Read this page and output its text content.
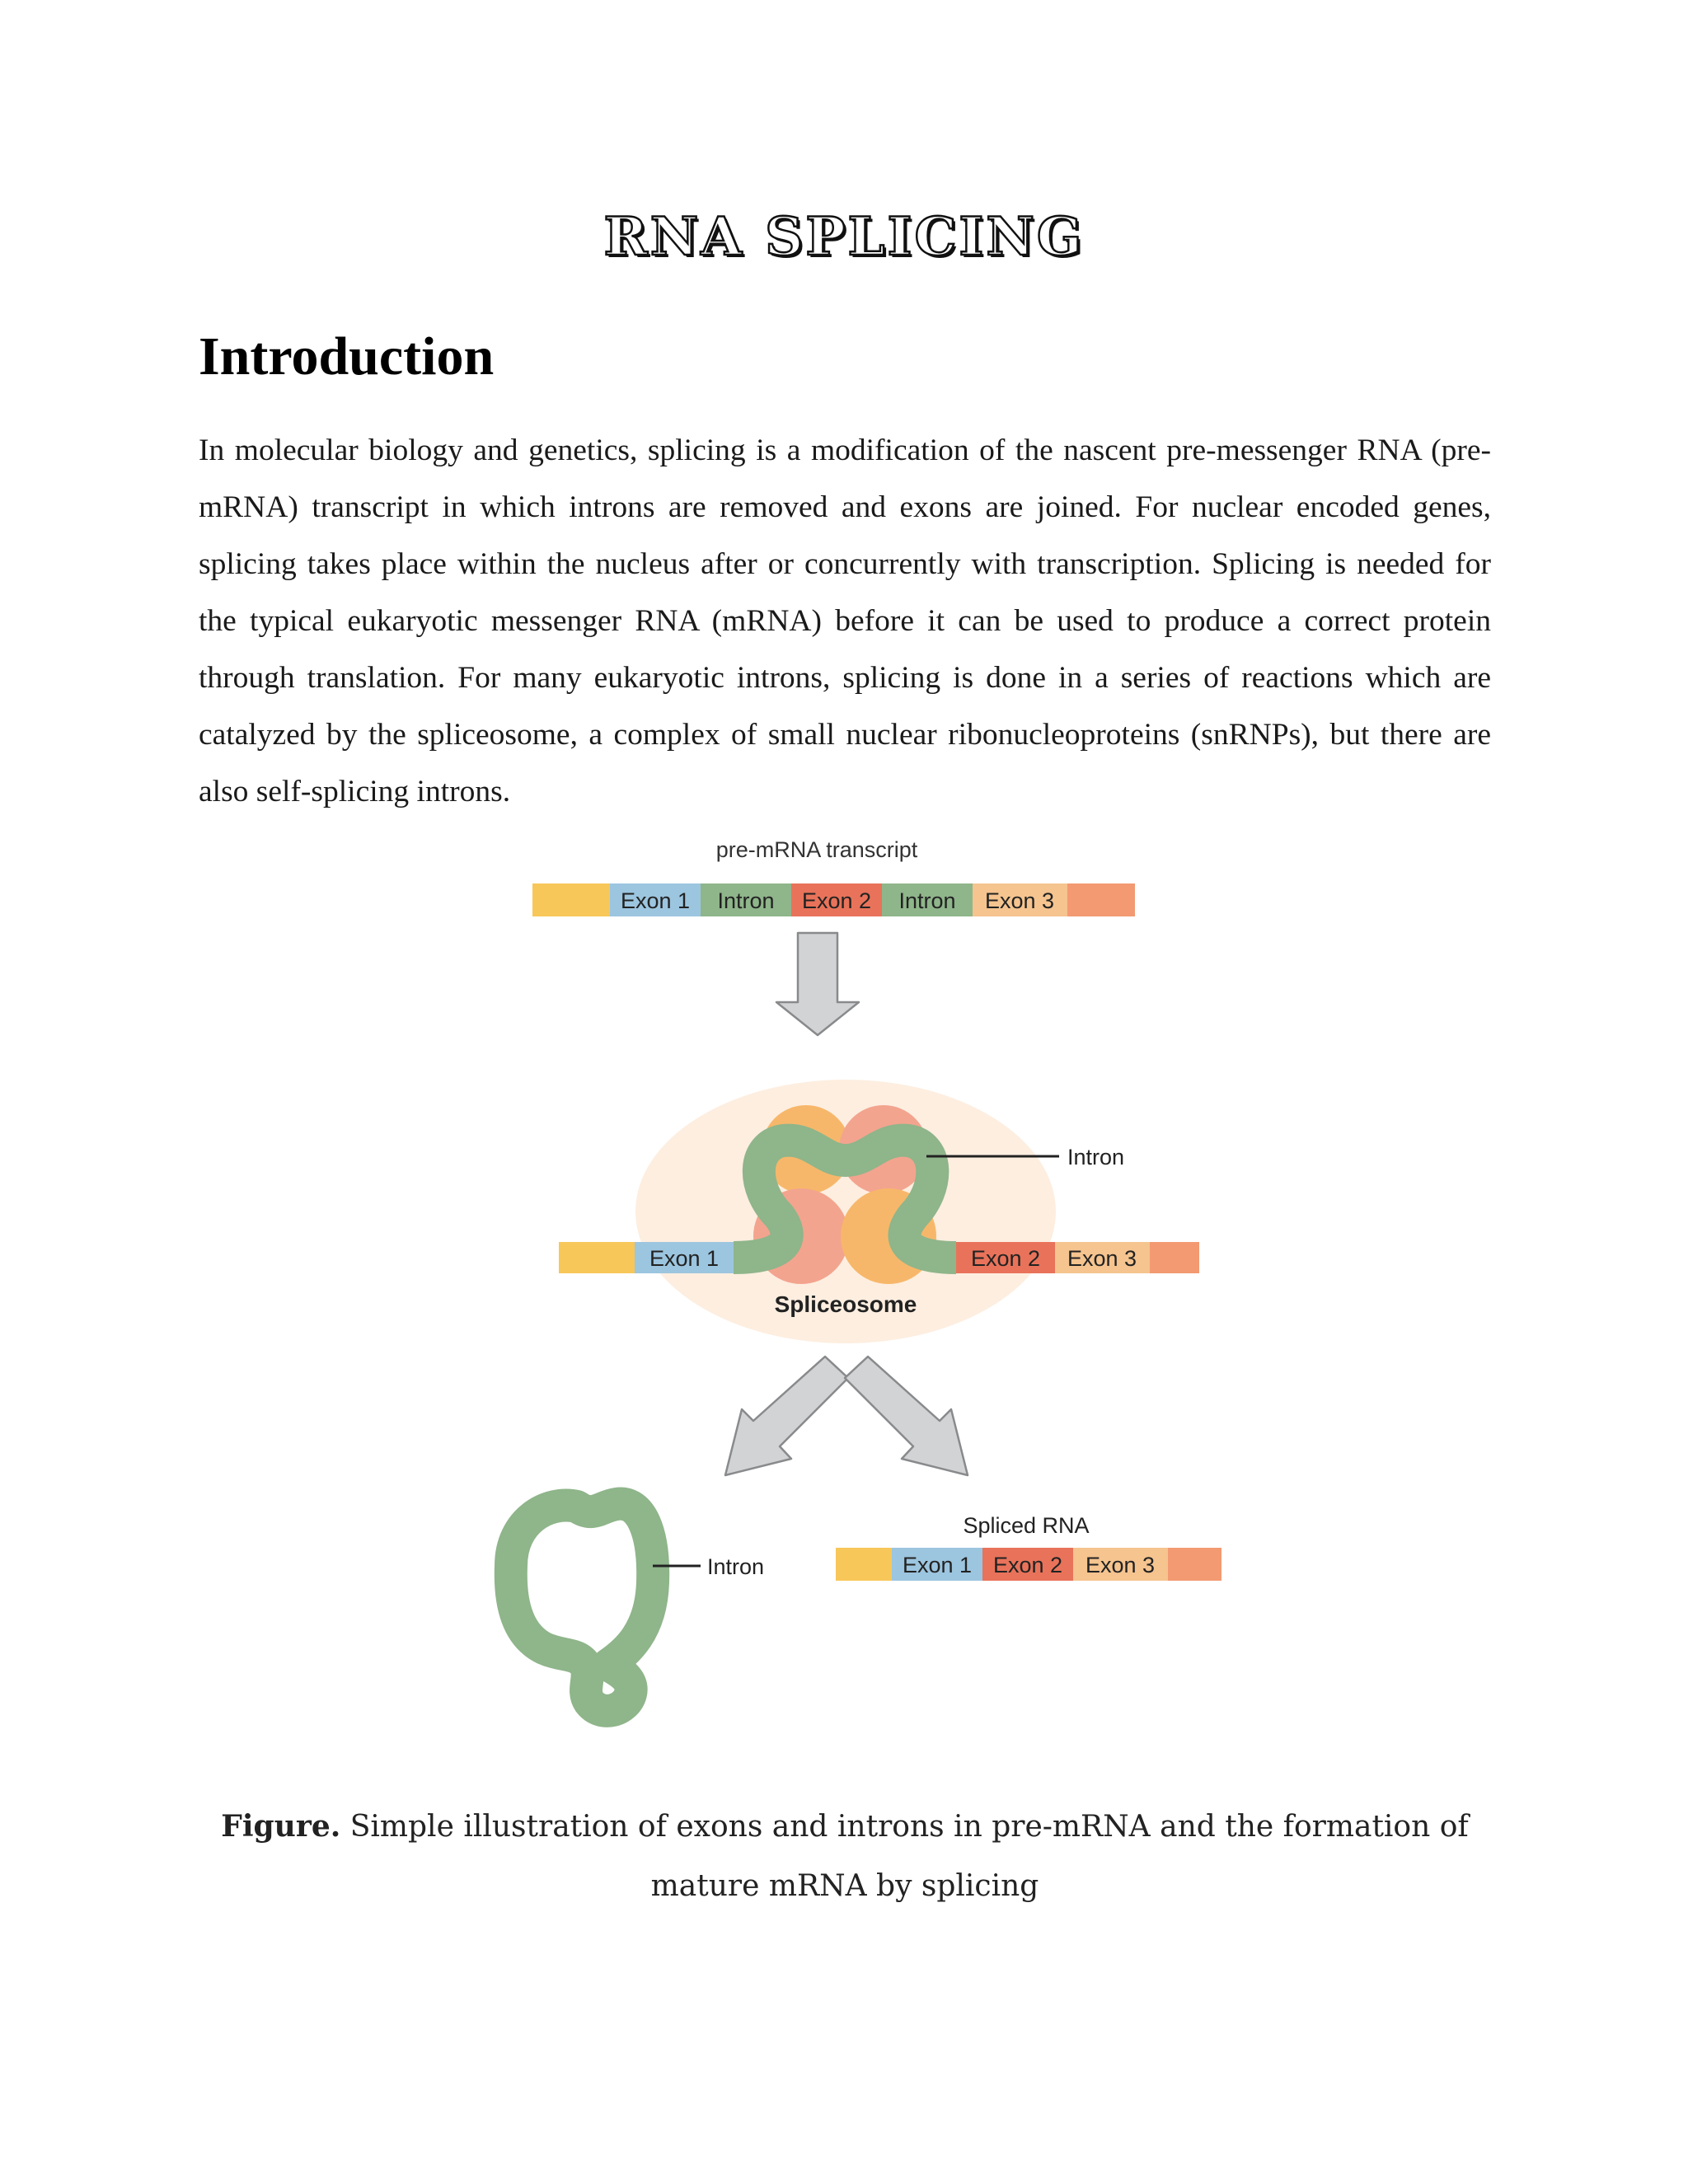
RNA SPLICING
Introduction
In molecular biology and genetics, splicing is a modification of the nascent pre-messenger RNA (pre-mRNA) transcript in which introns are removed and exons are joined. For nuclear encoded genes, splicing takes place within the nucleus after or concurrently with transcription. Splicing is needed for the typical eukaryotic messenger RNA (mRNA) before it can be used to produce a correct protein through translation. For many eukaryotic introns, splicing is done in a series of reactions which are catalyzed by the spliceosome, a complex of small nuclear ribonucleoproteins (snRNPs), but there are also self-splicing introns.
pre-mRNA transcript
Exon 1 Intron Exon 2 Intron Exon 3
Exon 1	Exon 2 Exon 3
Intron
Spliceosome
Intron
Spliced RNA
Exon 1 Exon 2 Exon 3
Figure. Simple illustration of exons and introns in pre-mRNA and the formation of mature mRNA by splicing
